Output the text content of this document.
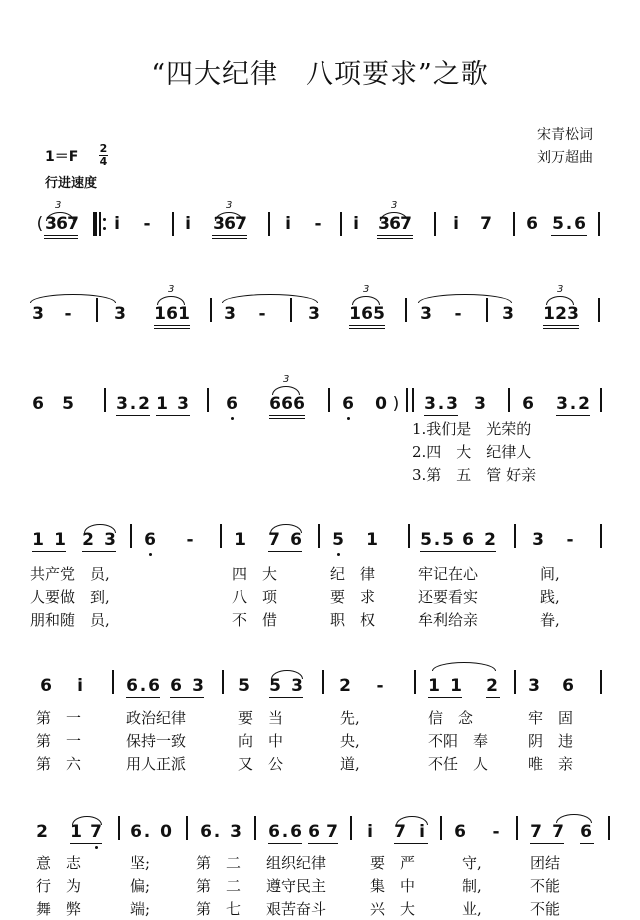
“四大纪律　八项要求”之歌
宋青松词
刘万超曲
1＝F
2
4
行进速度
( 3 6 7
3
i - i 3 6 7
3
i - i 3 6 7
3
i 7 6 5 . 6
3 -	3 1 6 1
3
3 -	3 1 6 5
3
3 - 3 1 2 3
3
6 5 3 . 2 1 3 6 6 6 6
3
6 0 ) 3 . 3 3 6 3 . 2
1.我们是　光荣的
2.四　大　纪律人
3.第　五　管 好亲
1 1 2 3 6 - 1 7 6 5 1 5 . 5 6 2 3 -
共产党　员,	四　大	纪　律	牢记在心	间,
人要做　到,	八　项	要　求	还要看实	践,
朋和随　员,	不　借	职　权	牟利给亲	眷,
6 i	6 . 6 6 3 5 5 3 2 -	1 1 2 3 6
第　一	政治纪律	要　当	先,	信　念	牢　固
第　一	保持一致	向　中	央,	不阳　奉	阴　违
第　六	用人正派	又　公	道,	不任　人	唯　亲
2 1 7 6 . 0 6 . 3 6 . 6 6 7 i 7 i 6 - 7 7 6
意　志	坚;	第　二 组织纪律	要　严	守,	团结
行　为	偏;	第　二 遵守民主	集　中	制,	不能
舞　弊	端;	第　七 艰苦奋斗	兴　大	业,	不能
